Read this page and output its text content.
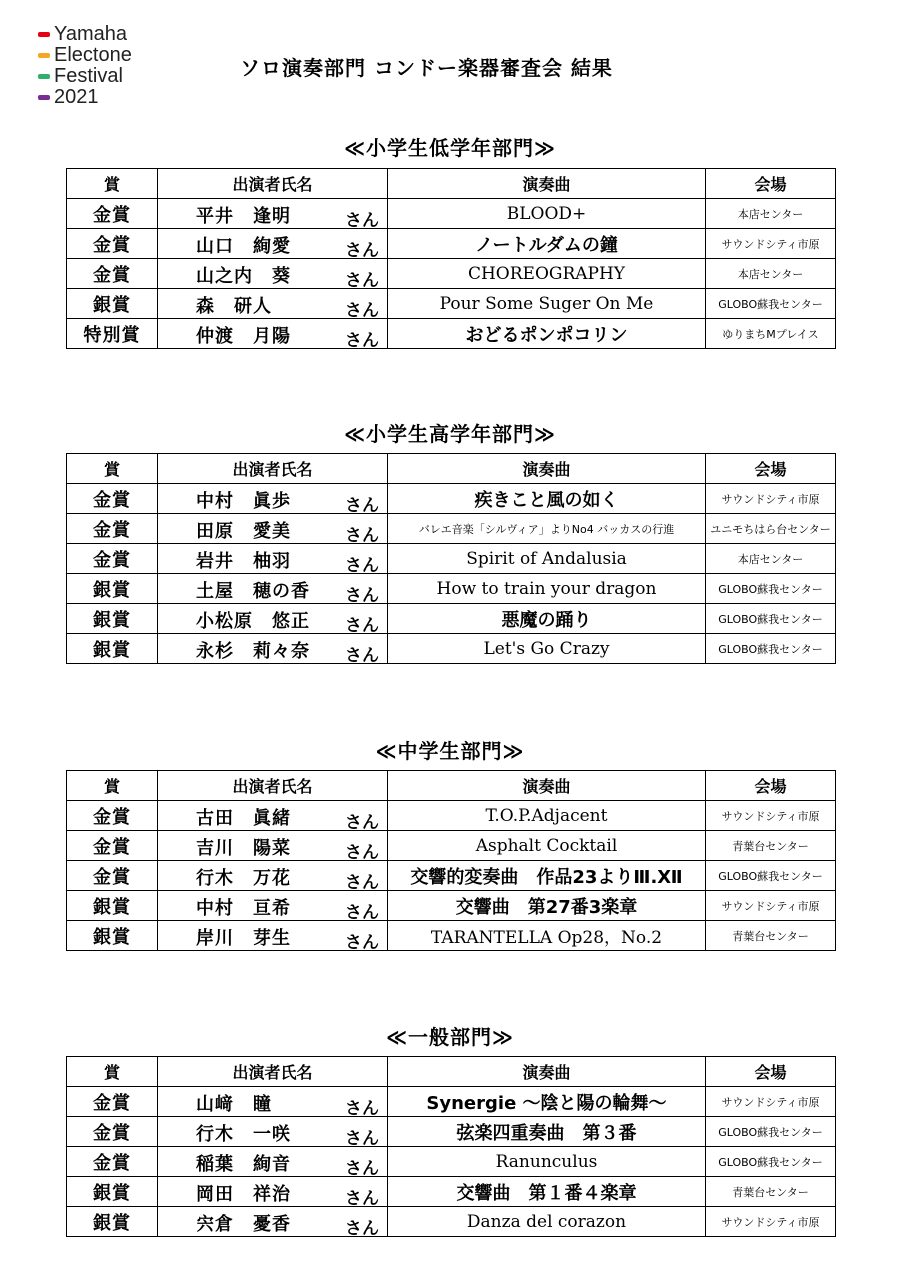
Yamaha
Electone
Festival
2021
ソロ演奏部門 コンドー楽器審査会 結果
≪小学生低学年部門≫
賞	出演者氏名	演奏曲	会場
金賞	平井　逢明 さん	BLOOD+	本店センター
金賞	山口　絢愛 さん	ノートルダムの鐘	サウンドシティ市原
金賞	山之内　葵 さん	CHOREOGRAPHY	本店センター
銀賞	森　研人 さん	Pour Some Suger On Me	GLOBO蘇我センター
特別賞	仲渡　月陽 さん	おどるポンポコリン	ゆりまちMプレイス
≪小学生高学年部門≫
賞	出演者氏名	演奏曲	会場
金賞	中村　眞歩 さん	疾きこと風の如く	サウンドシティ市原
金賞	田原　愛美 さん	バレエ音楽「シルヴィア」よりNo4 バッカスの行進	ユニモちはら台センター
金賞	岩井　柚羽 さん	Spirit of Andalusia	本店センター
銀賞	土屋　穂の香 さん	How to train your dragon	GLOBO蘇我センター
銀賞	小松原　悠正 さん	悪魔の踊り	GLOBO蘇我センター
銀賞	永杉　莉々奈 さん	Let's Go Crazy	GLOBO蘇我センター
≪中学生部門≫
賞	出演者氏名	演奏曲	会場
金賞	古田　眞緒 さん	T.O.P.Adjacent	サウンドシティ市原
金賞	吉川　陽菜 さん	Asphalt Cocktail	青葉台センター
金賞	行木　万花 さん	交響的変奏曲　作品23よりⅢ.Ⅻ	GLOBO蘇我センター
銀賞	中村　亘希 さん	交響曲　第27番3楽章	サウンドシティ市原
銀賞	岸川　芽生 さん	TARANTELLA Op28，No.2	青葉台センター
≪一般部門≫
賞	出演者氏名	演奏曲	会場
金賞	山﨑　瞳 さん	Synergie ～陰と陽の輪舞～	サウンドシティ市原
金賞	行木　一咲 さん	弦楽四重奏曲　第３番	GLOBO蘇我センター
金賞	稲葉　絢音 さん	Ranunculus	GLOBO蘇我センター
銀賞	岡田　祥治 さん	交響曲　第１番４楽章	青葉台センター
銀賞	宍倉　憂香 さん	Danza del corazon	サウンドシティ市原
